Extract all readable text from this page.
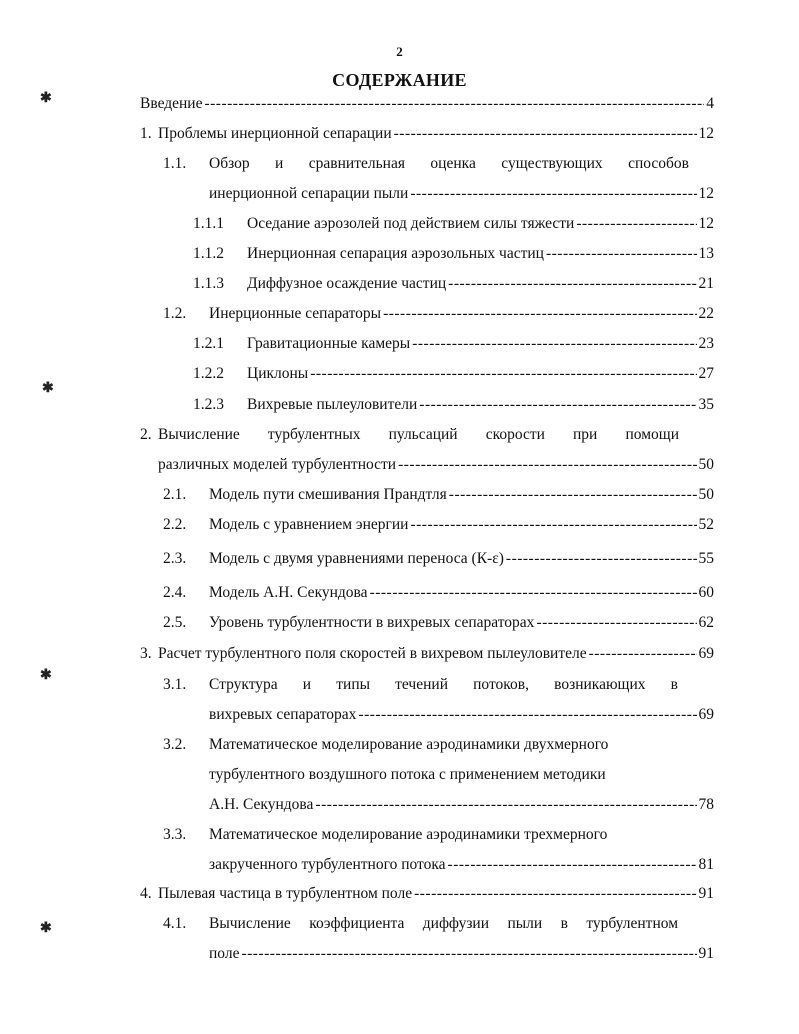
2
СОДЕРЖАНИЕ
✱
✱
✱
✱
Введение -----	4
1. Проблемы инерционной сепарации -----	12
1.1.	Обзор и сравнительная оценка существующих способов
инерционной сепарации пыли -----	12
1.1.1	Оседание аэрозолей под действием силы тяжести -----	12
1.1.2	Инерционная сепарация аэрозольных частиц -----	13
1.1.3	Диффузное осаждение частиц -----	21
1.2.	Инерционные сепараторы -----	22
1.2.1	Гравитационные камеры -----	23
1.2.2	Циклоны -----	27
1.2.3	Вихревые пылеуловители -----	35
2. Вычисление турбулентных пульсаций скорости при помощи
различных моделей турбулентности -----	50
2.1.	Модель пути смешивания Прандтля -----	50
2.2.	Модель с уравнением энергии -----	52
2.3.	Модель с двумя уравнениями переноса (К-ε) -----	55
2.4.	Модель А.Н. Секундова -----	60
2.5.	Уровень турбулентности в вихревых сепараторах -----	62
3. Расчет турбулентного поля скоростей в вихревом пылеуловителе -----	69
3.1.	Структура и типы течений потоков, возникающих в
вихревых сепараторах -----	69
3.2.	Математическое моделирование аэродинамики двухмерного
турбулентного воздушного потока с применением методики
А.Н. Секундова -----	78
3.3.	Математическое моделирование аэродинамики трехмерного
закрученного турбулентного потока -----	81
4. Пылевая частица в турбулентном поле -----	91
4.1.	Вычисление коэффициента диффузии пыли в турбулентном
поле -----	91
